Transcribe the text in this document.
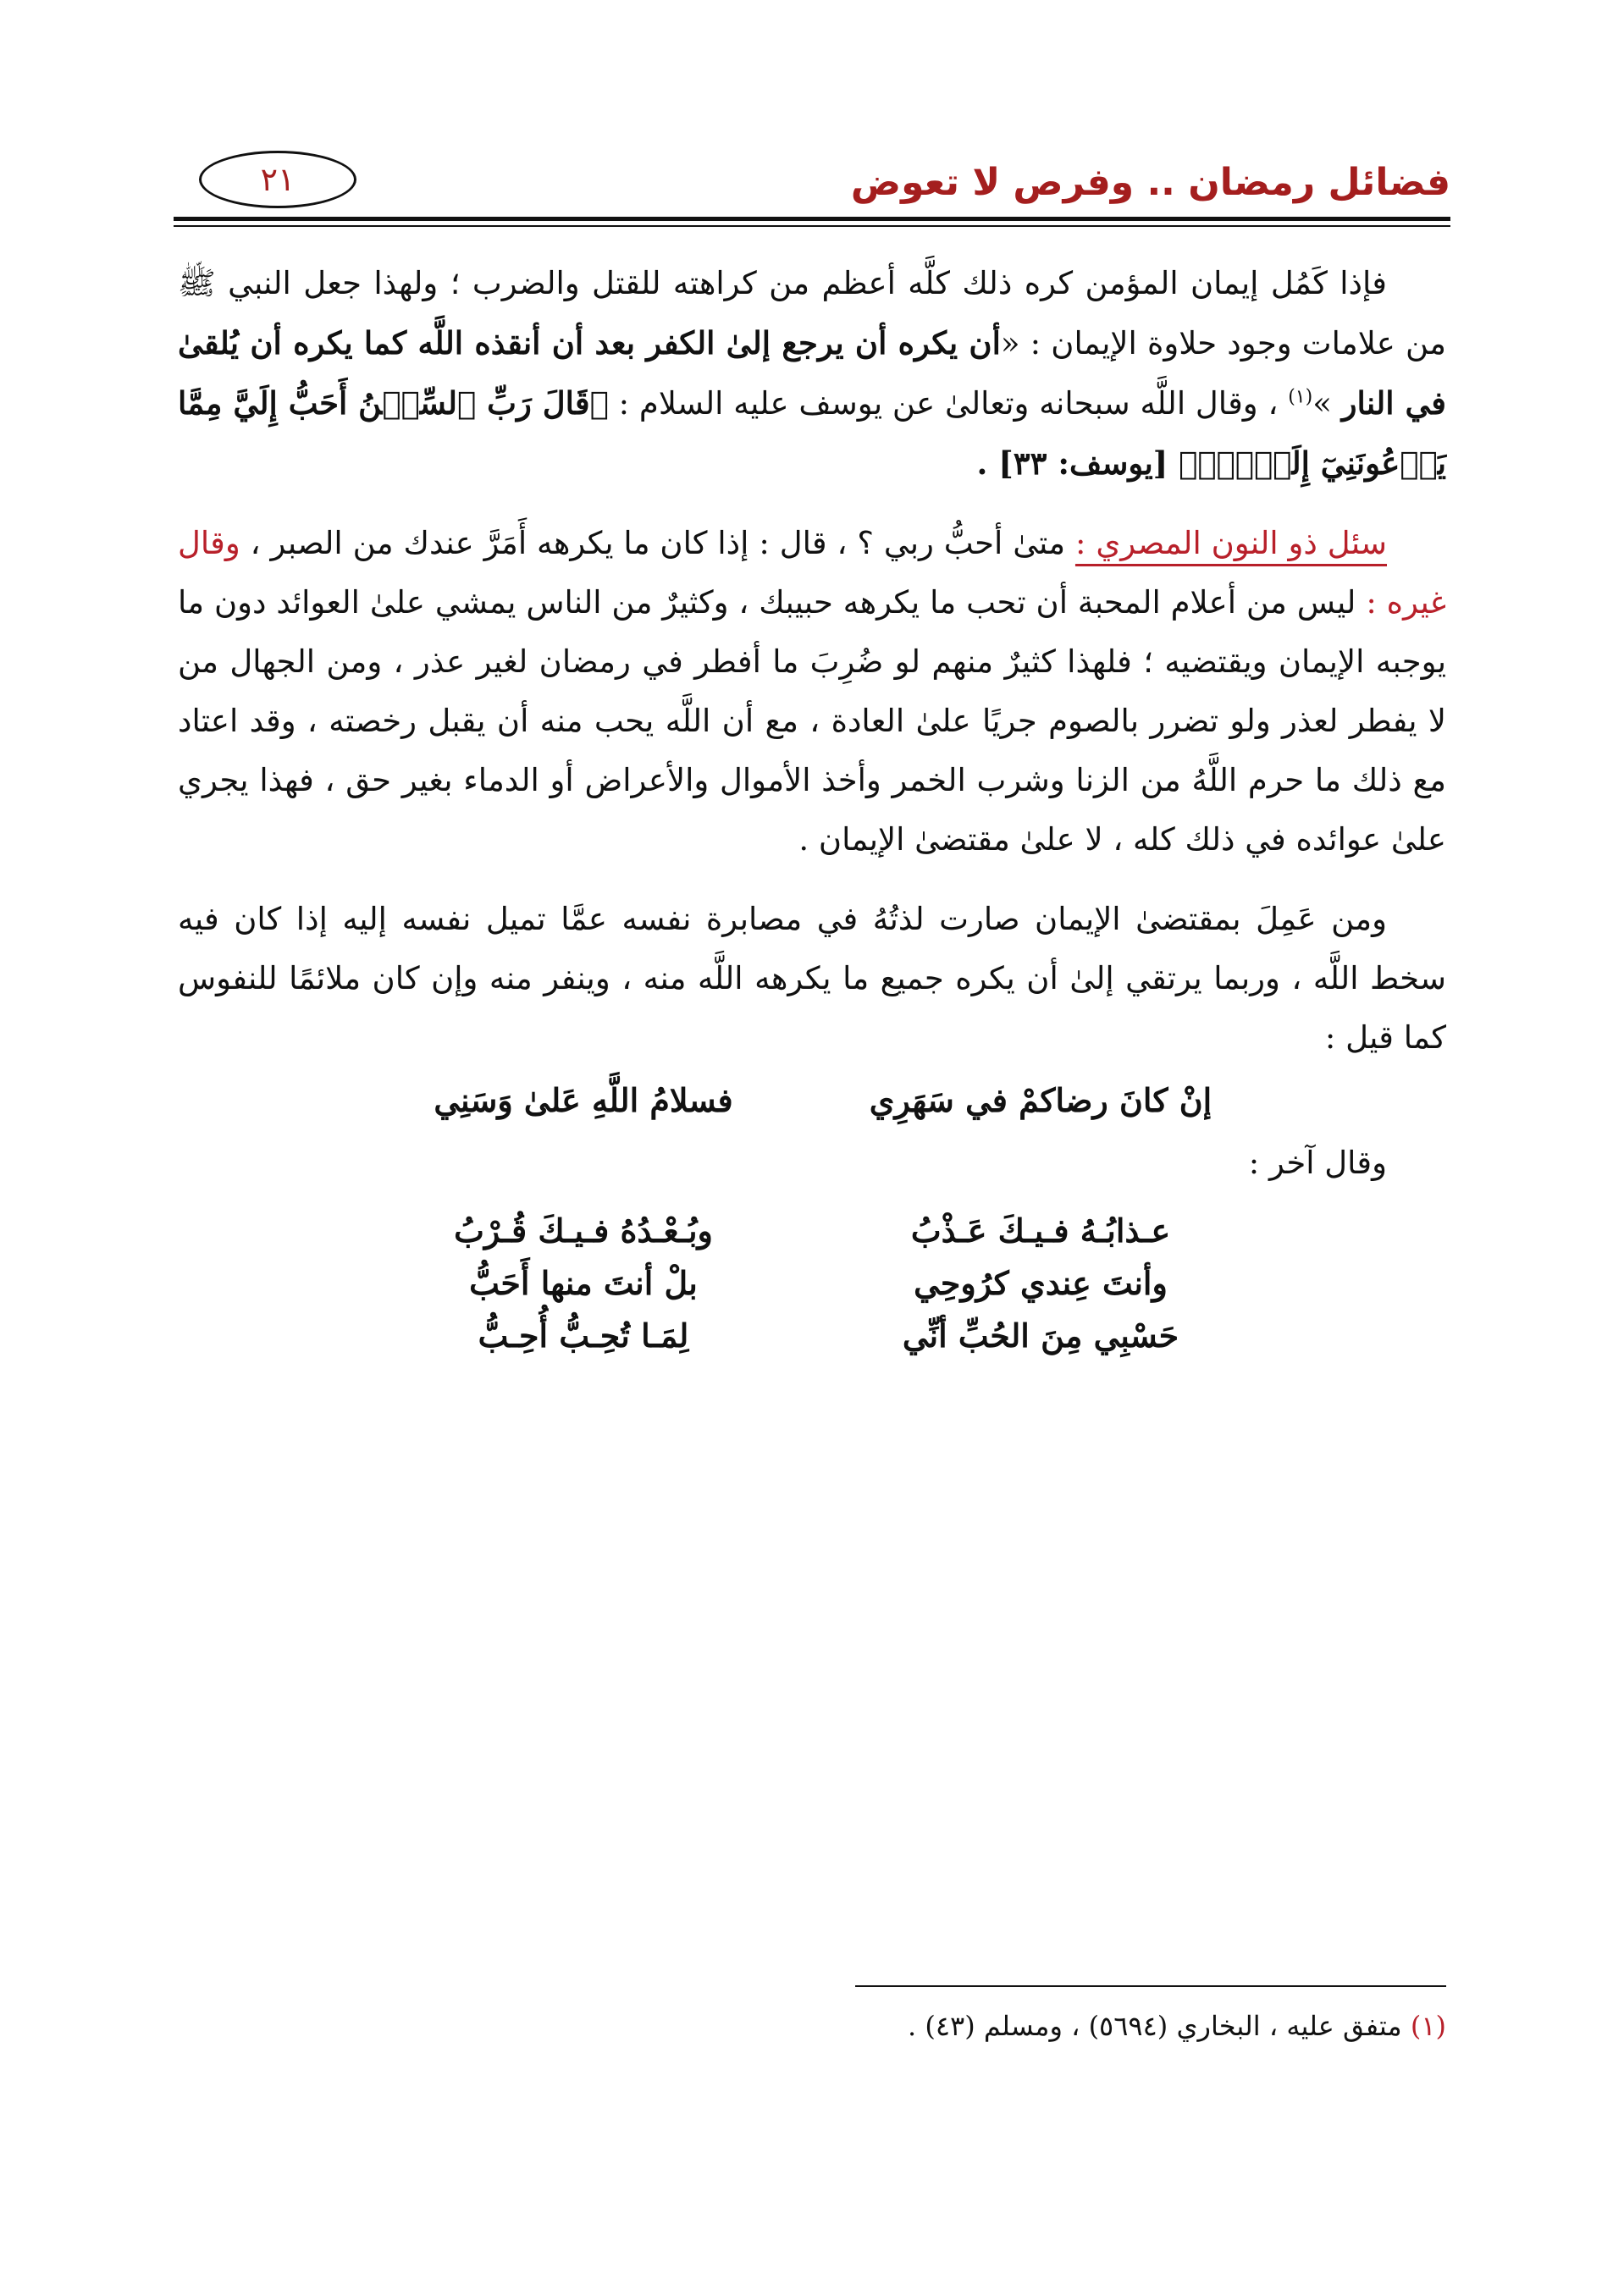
فضائل رمضان .. وفرص لا تعوض
٢١

فإذا كَمُل إيمان المؤمن كره ذلك كلَّه أعظم من كراهته للقتل والضرب ؛ ولهذا جعل النبي ﷺ من علامات وجود حلاوة الإيمان : «أن يكره أن يرجع إلىٰ الكفر بعد أن أنقذه اللَّه كما يكره أن يُلقىٰ في النار »$^{(١)}$ ، وقال اللَّه سبحانه وتعالىٰ عن يوسف عليه السلام : ﴿قَالَ رَبِّ ٱلسِّجۡنُ أَحَبُّ إِلَيَّ مِمَّا يَدۡعُونَنِيٓ إِلَيۡهِۖ﴾ [يوسف: ٣٣] .

سئل ذو النون المصري : متىٰ أحبُّ ربي ؟ ، قال : إذا كان ما يكرهه أَمَرَّ عندك من الصبر ، وقال غيره : ليس من أعلام المحبة أن تحب ما يكرهه حبيبك ، وكثيرٌ من الناس يمشي علىٰ العوائد دون ما يوجبه الإيمان ويقتضيه ؛ فلهذا كثيرٌ منهم لو ضُرِبَ ما أفطر في رمضان لغير عذر ، ومن الجهال من لا يفطر لعذر ولو تضرر بالصوم جريًا علىٰ العادة ، مع أن اللَّه يحب منه أن يقبل رخصته ، وقد اعتاد مع ذلك ما حرم اللَّهُ من الزنا وشرب الخمر وأخذ الأموال والأعراض أو الدماء بغير حق ، فهذا يجري علىٰ عوائده في ذلك كله ، لا علىٰ مقتضىٰ الإيمان .

ومن عَمِلَ بمقتضىٰ الإيمان صارت لذتُهُ في مصابرة نفسه عمَّا تميل نفسه إليه إذا كان فيه سخط اللَّه ، وربما يرتقي إلىٰ أن يكره جميع ما يكرهه اللَّه منه ، وينفر منه وإن كان ملائمًا للنفوس كما قيل :

إنْ كانَ رضاكمْ في سَهَرِي
فسلامُ اللَّهِ عَلىٰ وَسَنِي

وقال آخر :

عـذابُـهُ فـيـكَ عَـذْبُ
وبُـعْـدُهُ فـيـكَ قُـرْبُ
وأنتَ عِندي كرُوحِي
بلْ أنتَ منها أَحَبُّ
حَسْبِي مِنَ الحُبِّ أنِّي
لِمَـا تُحِـبُّ أُحِـبُّ
(١) متفق عليه ، البخاري (٥٦٩٤) ، ومسلم (٤٣) .
